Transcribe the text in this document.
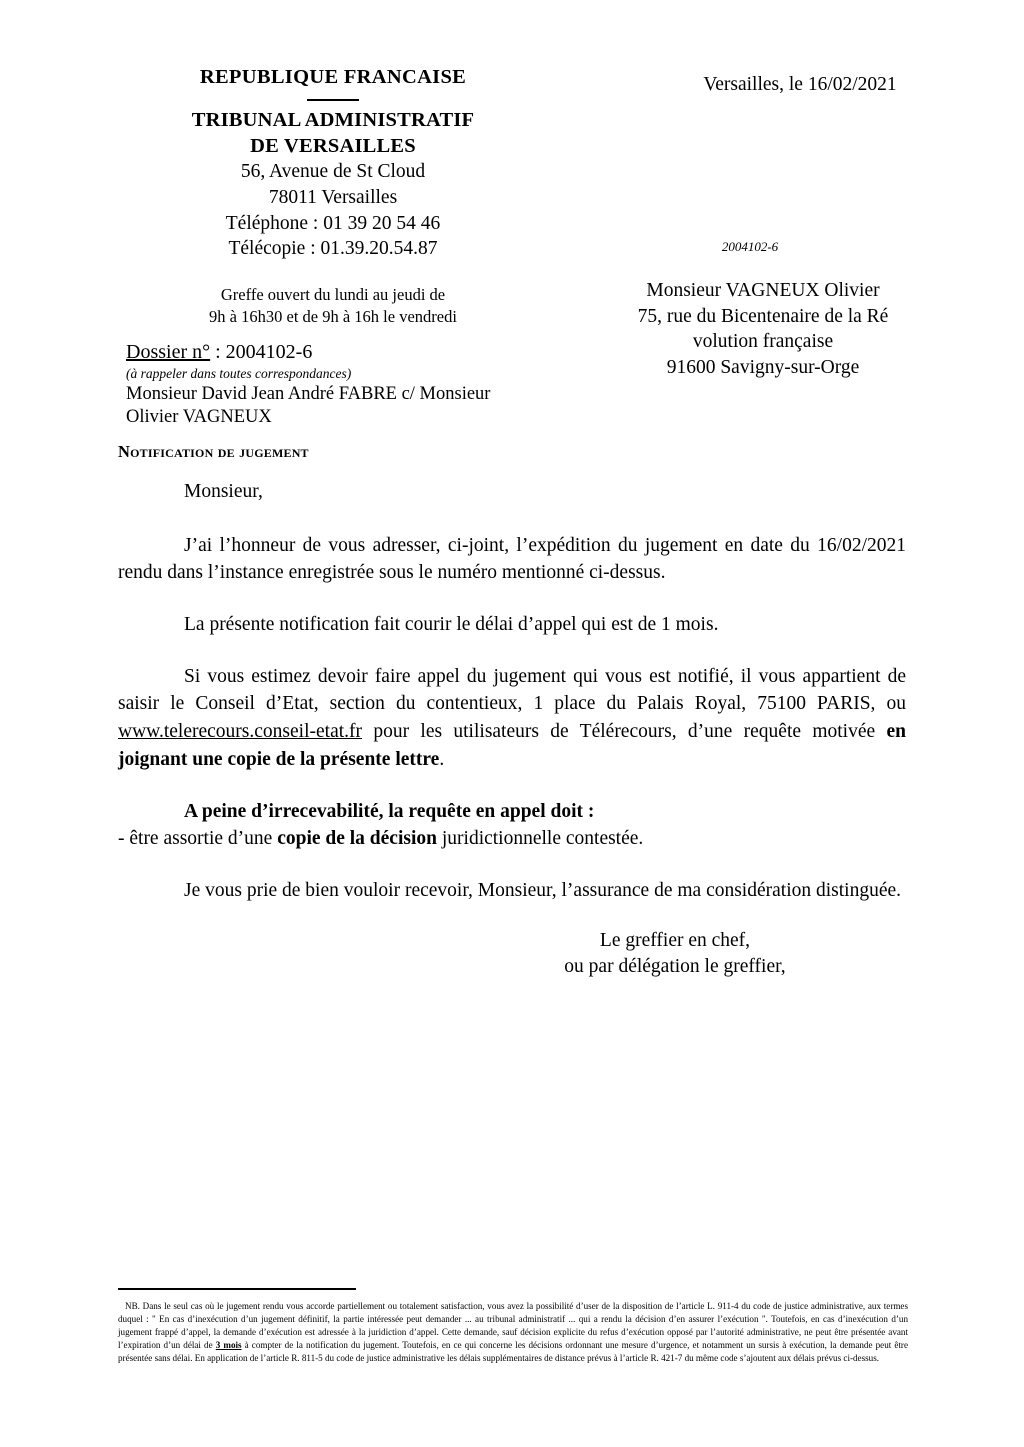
REPUBLIQUE FRANCAISE
TRIBUNAL ADMINISTRATIF
DE VERSAILLES
56, Avenue de St Cloud
78011 Versailles
Téléphone : 01 39 20 54 46
Télécopie : 01.39.20.54.87
Greffe ouvert du lundi au jeudi de
9h à 16h30 et de 9h à 16h le vendredi
Versailles, le 16/02/2021
2004102-6
Monsieur VAGNEUX Olivier
75, rue du Bicentenaire de la Ré
volution française
91600 Savigny-sur-Orge
Dossier n° : 2004102-6
(à rappeler dans toutes correspondances)
Monsieur David Jean André FABRE c/ Monsieur
Olivier VAGNEUX
Notification de jugement

Monsieur,

J’ai l’honneur de vous adresser, ci-joint, l’expédition du jugement en date du 16/02/2021 rendu dans l’instance enregistrée sous le numéro mentionné ci-dessus.

La présente notification fait courir le délai d’appel qui est de 1 mois.

Si vous estimez devoir faire appel du jugement qui vous est notifié, il vous appartient de saisir le Conseil d’Etat, section du contentieux, 1 place du Palais Royal, 75100 PARIS, ou www.telerecours.conseil-etat.fr pour les utilisateurs de Télérecours, d’une requête motivée en joignant une copie de la présente lettre.

A peine d’irrecevabilité, la requête en appel doit :
- être assortie d’une copie de la décision juridictionnelle contestée.

Je vous prie de bien vouloir recevoir, Monsieur, l’assurance de ma considération distinguée.

Le greffier en chef,
ou par délégation le greffier,
NB. Dans le seul cas où le jugement rendu vous accorde partiellement ou totalement satisfaction, vous avez la possibilité d’user de la disposition de l’article L. 911-4 du code de justice administrative, aux termes duquel : " En cas d’inexécution d’un jugement définitif, la partie intéressée peut demander ... au tribunal administratif ... qui a rendu la décision d’en assurer l’exécution ". Toutefois, en cas d’inexécution d’un jugement frappé d’appel, la demande d’exécution est adressée à la juridiction d’appel. Cette demande, sauf décision explicite du refus d’exécution opposé par l’autorité administrative, ne peut être présentée avant l’expiration d’un délai de 3 mois à compter de la notification du jugement. Toutefois, en ce qui concerne les décisions ordonnant une mesure d’urgence, et notamment un sursis à exécution, la demande peut être présentée sans délai. En application de l’article R. 811-5 du code de justice administrative les délais supplémentaires de distance prévus à l’article R. 421-7 du même code s’ajoutent aux délais prévus ci-dessus.
